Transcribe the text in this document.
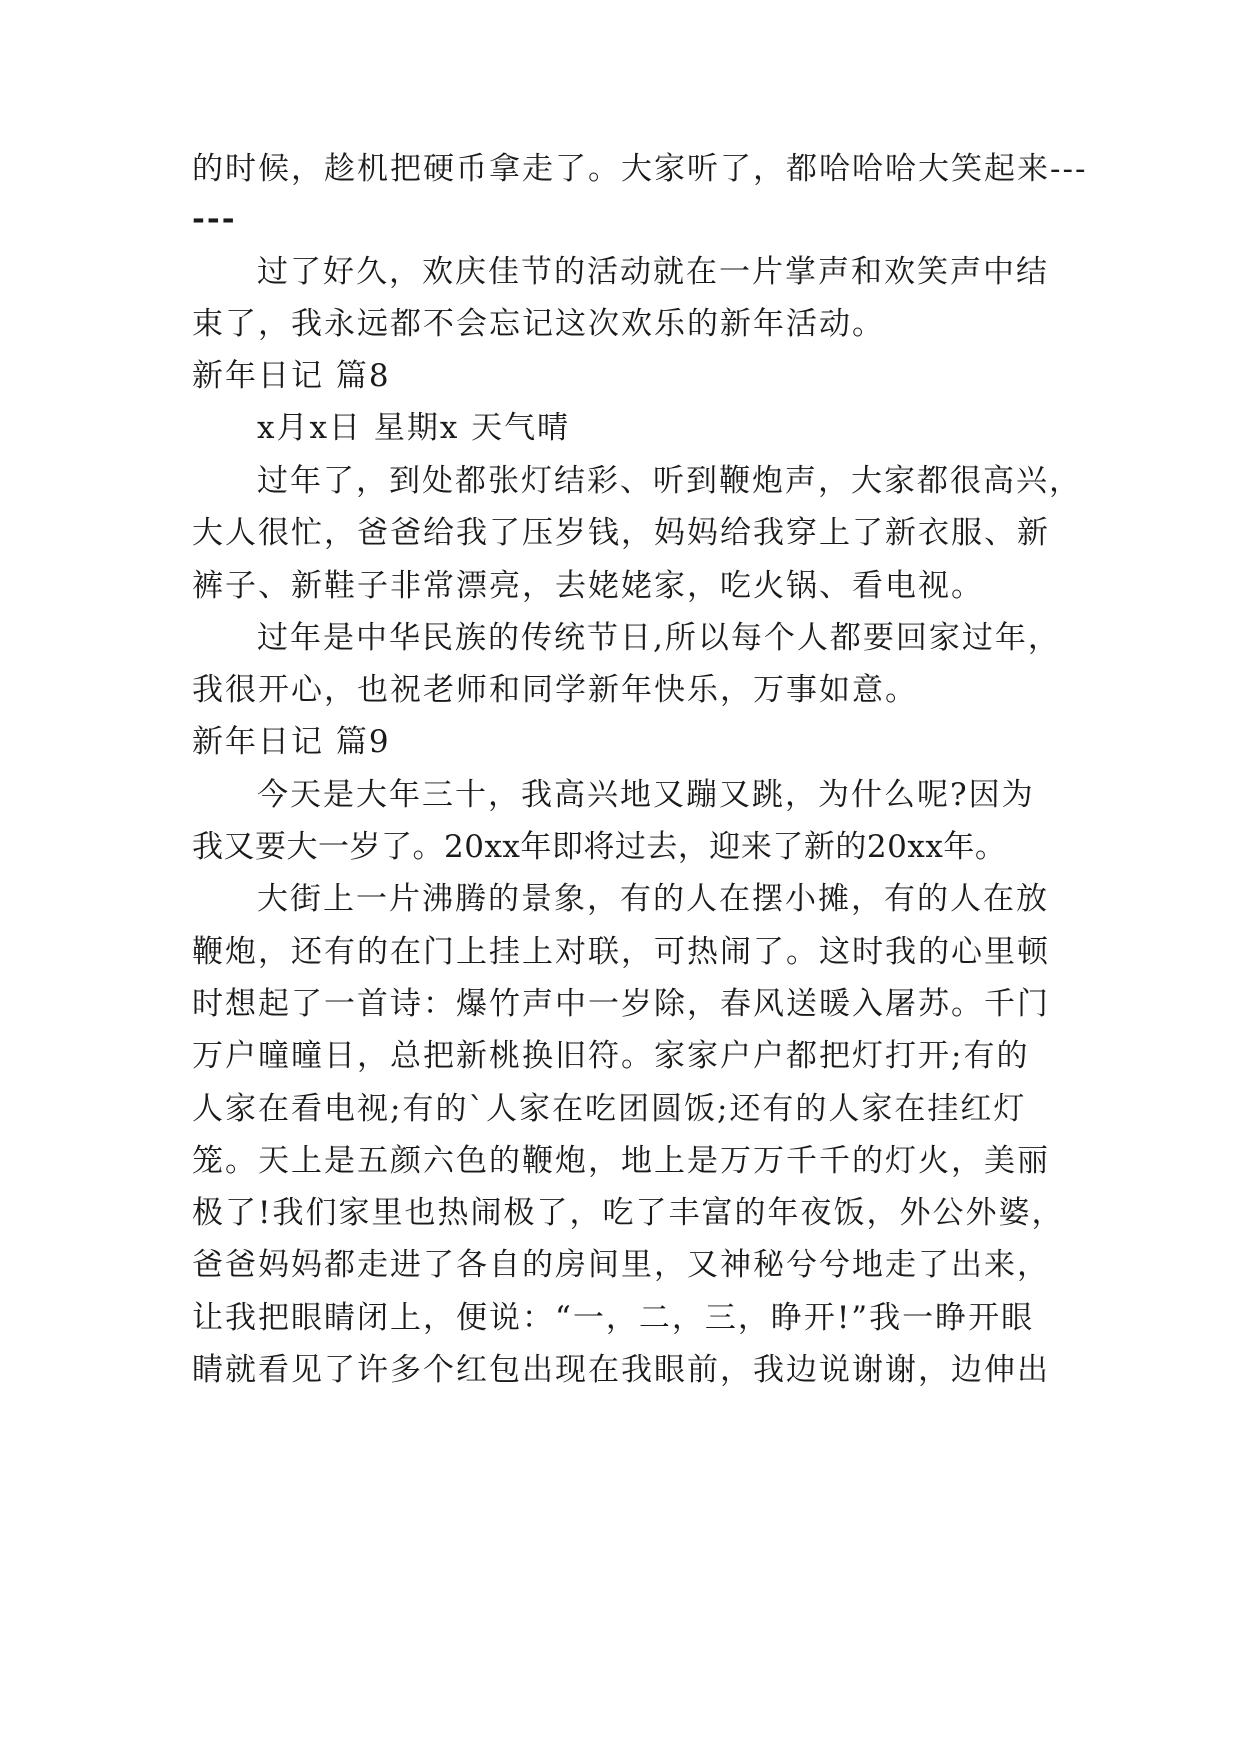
的时候，趁机把硬币拿走了。大家听了，都哈哈哈大笑起来---
---
过了好久，欢庆佳节的活动就在一片掌声和欢笑声中结
束了，我永远都不会忘记这次欢乐的新年活动。
新年日记 篇8
x月x日 星期x 天气晴
过年了，到处都张灯结彩、听到鞭炮声，大家都很高兴，
大人很忙，爸爸给我了压岁钱，妈妈给我穿上了新衣服、新
裤子、新鞋子非常漂亮，去姥姥家，吃火锅、看电视。
过年是中华民族的传统节日,所以每个人都要回家过年，
我很开心，也祝老师和同学新年快乐，万事如意。
新年日记 篇9
今天是大年三十，我高兴地又蹦又跳，为什么呢?因为
我又要大一岁了。20xx年即将过去，迎来了新的20xx年。
大街上一片沸腾的景象，有的人在摆小摊，有的人在放
鞭炮，还有的在门上挂上对联，可热闹了。这时我的心里顿
时想起了一首诗：爆竹声中一岁除，春风送暖入屠苏。千门
万户曈曈日，总把新桃换旧符。家家户户都把灯打开;有的
人家在看电视;有的`人家在吃团圆饭;还有的人家在挂红灯
笼。天上是五颜六色的鞭炮，地上是万万千千的灯火，美丽
极了!我们家里也热闹极了，吃了丰富的年夜饭，外公外婆，
爸爸妈妈都走进了各自的房间里，又神秘兮兮地走了出来，
让我把眼睛闭上，便说：“一，二，三，睁开!”我一睁开眼
睛就看见了许多个红包出现在我眼前，我边说谢谢，边伸出
